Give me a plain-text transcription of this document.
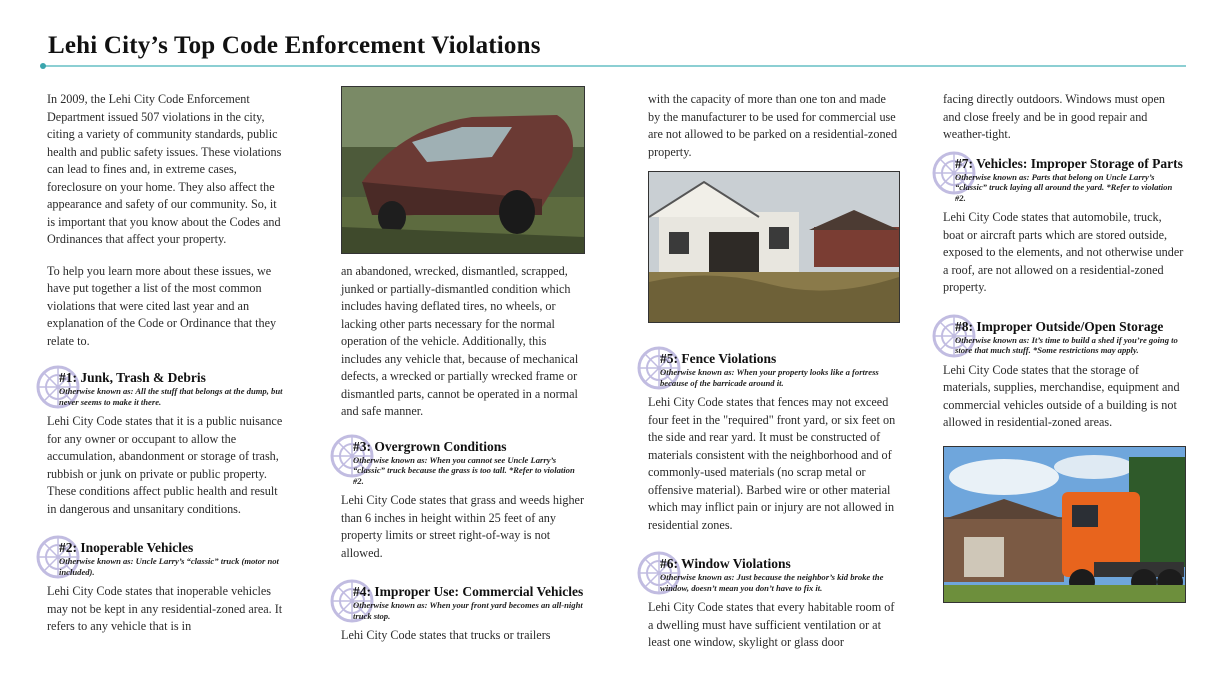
Lehi City’s Top Code Enforcement Violations

In 2009, the Lehi City Code Enforcement Department issued 507 violations in the city, citing a variety of community standards, public health and public safety issues. These violations can lead to fines and, in extreme cases, foreclosure on your home. They also affect the appearance and safety of our community. So, it is important that you know about the Codes and Ordinances that affect your property.

To help you learn more about these issues, we have put together a list of the most common violations that were cited last year and an explanation of the Code or Ordinance that they relate to.

#1: Junk, Trash & Debris
Otherwise known as: All the stuff that belongs at the dump, but never seems to make it there.
Lehi City Code states that it is a public nuisance for any owner or occupant to allow the accumulation, abandonment or storage of trash, rubbish or junk on private or public property. These conditions affect public health and result in dangerous and unsanitary conditions.
#2: Inoperable Vehicles
Otherwise known as: Uncle Larry’s “classic” truck (motor not included).
Lehi City Code states that inoperable vehicles may not be kept in any residential-zoned area. It refers to any vehicle that is in

an abandoned, wrecked, dismantled, scrapped, junked or partially-dismantled condition which includes having deflated tires, no wheels, or lacking other parts necessary for the normal operation of the vehicle. Additionally, this includes any vehicle that, because of mechanical defects, a wrecked or partially wrecked frame or dismantled parts, cannot be operated in a normal and safe manner.

#3: Overgrown Conditions
Otherwise known as: When you cannot see Uncle Larry’s “classic” truck because the grass is too tall. *Refer to violation #2.
Lehi City Code states that grass and weeds higher than 6 inches in height within 25 feet of any property limits or street right-of-way is not allowed.
#4: Improper Use: Commercial Vehicles
Otherwise known as: When your front yard becomes an all-night truck stop.
Lehi City Code states that trucks or trailers

with the capacity of more than one ton and made by the manufacturer to be used for commercial use are not allowed to be parked on a residential-zoned property.

#5: Fence Violations
Otherwise known as: When your property looks like a fortress because of the barricade around it.
Lehi City Code states that fences may not exceed four feet in the "required" front yard, or six feet on the side and rear yard. It must be constructed of materials consistent with the neighborhood and of commonly-used materials (no scrap metal or offensive material). Barbed wire or other material which may inflict pain or injury are not allowed in residential zones.
#6: Window Violations
Otherwise known as: Just because the neighbor’s kid broke the window, doesn’t mean you don’t have to fix it.
Lehi City Code states that every habitable room of a dwelling must have sufficient ventilation or at least one window, skylight or glass door

facing directly outdoors. Windows must open and close freely and be in good repair and weather-tight.

#7: Vehicles: Improper Storage of Parts
Otherwise known as: Parts that belong on Uncle Larry’s “classic” truck laying all around the yard. *Refer to violation #2.
Lehi City Code states that automobile, truck, boat or aircraft parts which are stored outside, exposed to the elements, and not otherwise under a roof, are not allowed on a residential-zoned property.
#8: Improper Outside/Open Storage
Otherwise known as: It’s time to build a shed if you’re going to store that much stuff. *Some restrictions may apply.
Lehi City Code states that the storage of materials, supplies, merchandise, equipment and commercial vehicles outside of a building is not allowed in residential-zoned areas.
